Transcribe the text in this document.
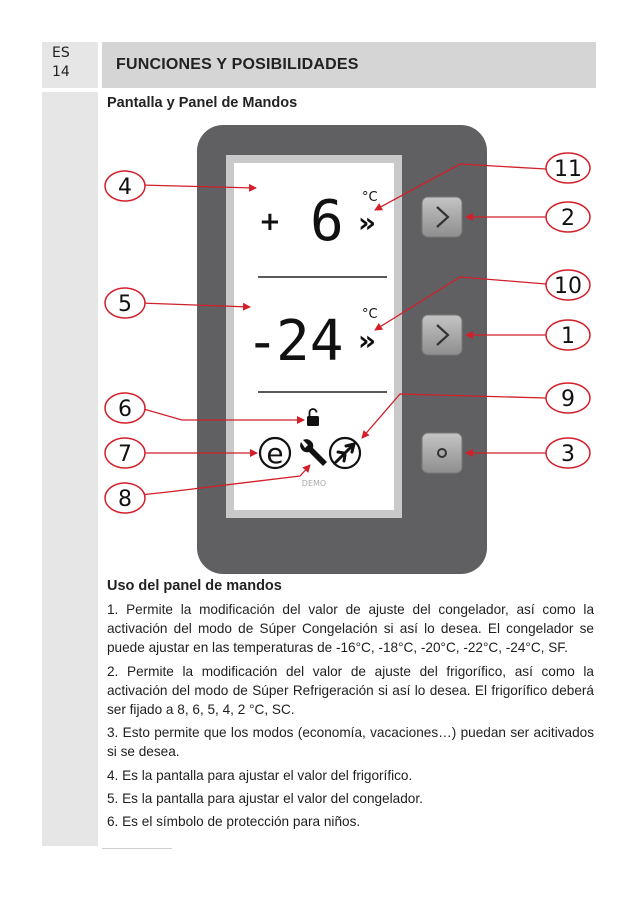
ES
14	FUNCIONES Y POSIBILIDADES
Pantalla y Panel de Mandos
+ 6 °C
»
-
24 °C
»
e
DEMO
4
5
6
7
8
11
2
10
1
9
3
Uso del panel de mandos

1. Permite la modificación del valor de ajuste del congelador, así como la activación del modo de Súper Congelación si así lo desea. El congelador se puede ajustar en las temperaturas de -16°C, -18°C, -20°C, -22°C, -24°C, SF.

2. Permite la modificación del valor de ajuste del frigorífico, así como la activación del modo de Súper Refrigeración si así lo desea. El frigorífico deberá ser fijado a 8, 6, 5, 4, 2 °C, SC.

3. Esto permite que los modos (economía, vacaciones…) puedan ser acitivados si se desea.

4. Es la pantalla para ajustar el valor del frigorífico.

5. Es la pantalla para ajustar el valor del congelador.

6. Es el símbolo de protección para niños.
